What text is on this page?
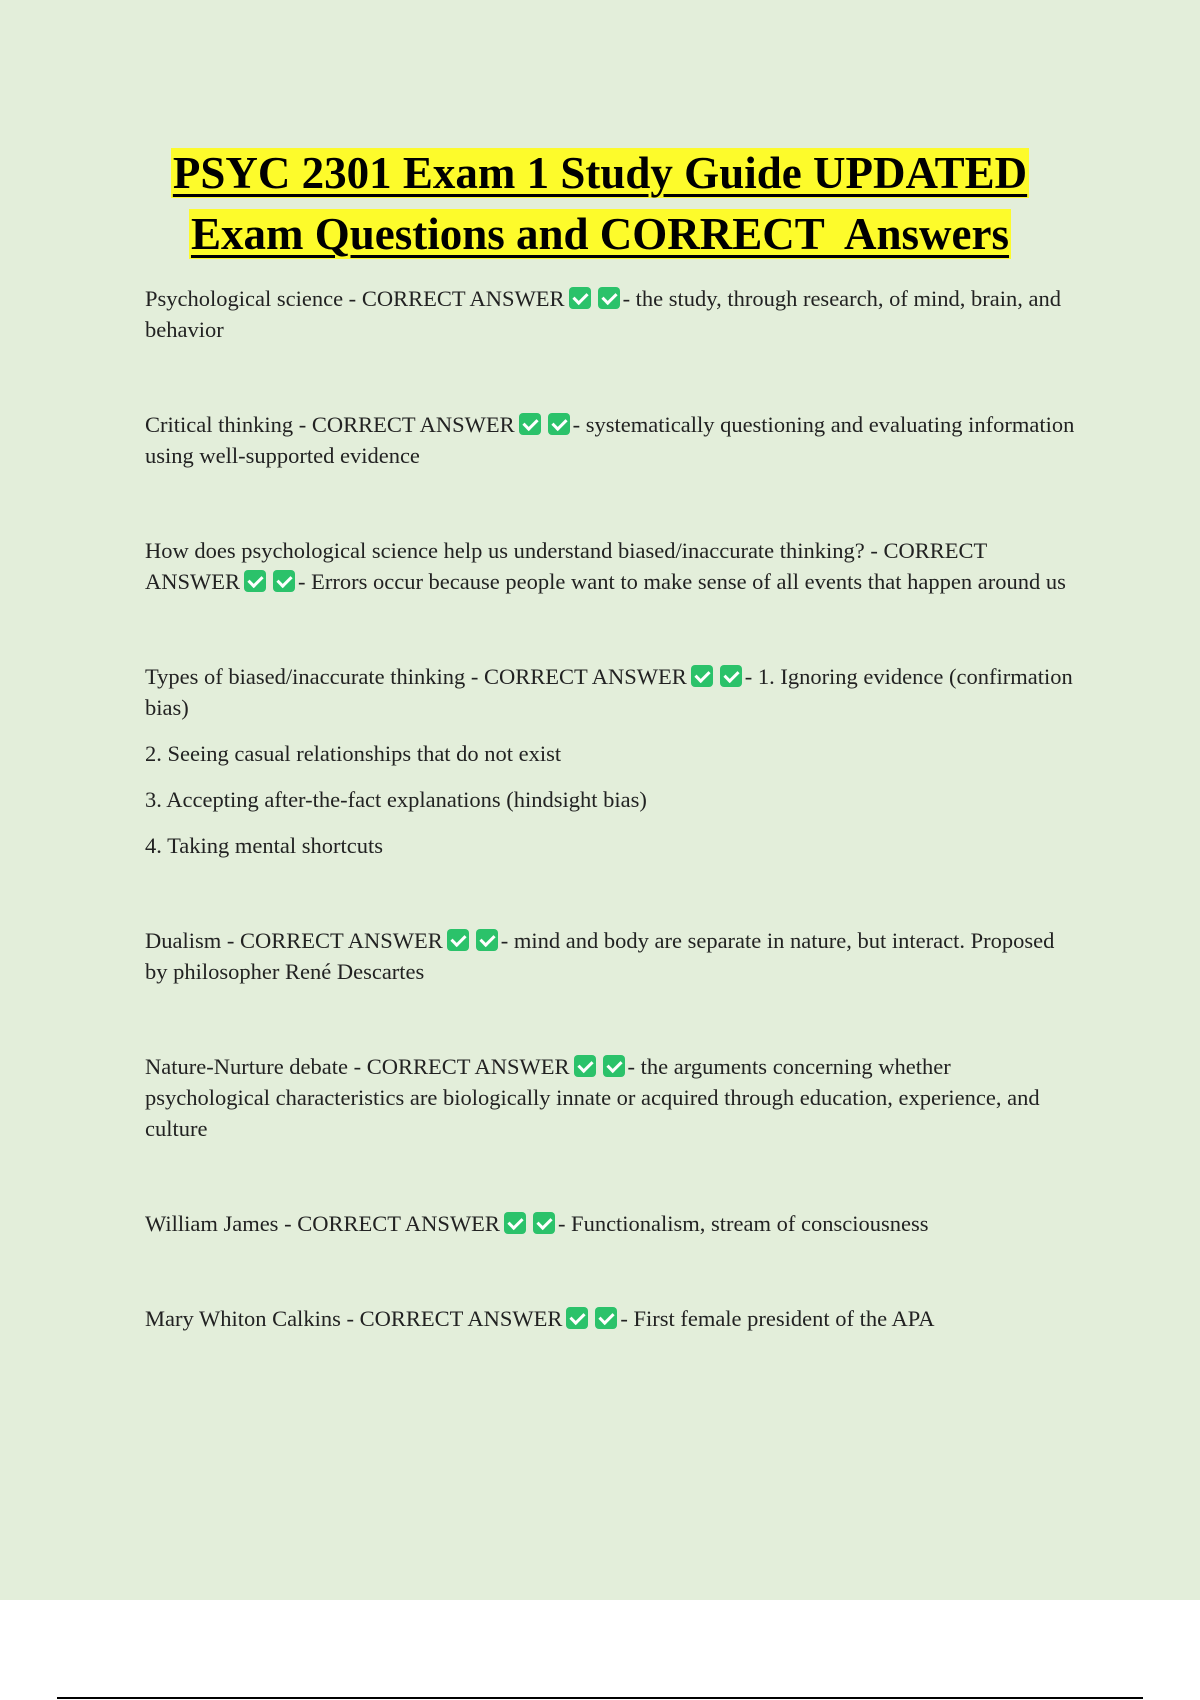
PSYC 2301 Exam 1 Study Guide UPDATED
Exam Questions and CORRECT  Answers

Psychological science - CORRECT ANSWER	- the study, through research, of mind, brain, and behavior

Critical thinking - CORRECT ANSWER	- systematically questioning and evaluating information using well-supported evidence

How does psychological science help us understand biased/inaccurate thinking? - CORRECT ANSWER	- Errors occur because people want to make sense of all events that happen around us

Types of biased/inaccurate thinking - CORRECT ANSWER	- 1. Ignoring evidence (confirmation bias)
2. Seeing casual relationships that do not exist
3. Accepting after-the-fact explanations (hindsight bias)
4. Taking mental shortcuts

Dualism - CORRECT ANSWER	- mind and body are separate in nature, but interact. Proposed by philosopher René Descartes

Nature-Nurture debate - CORRECT ANSWER	- the arguments concerning whether psychological characteristics are biologically innate or acquired through education, experience, and culture

William James - CORRECT ANSWER	- Functionalism, stream of consciousness

Mary Whiton Calkins - CORRECT ANSWER	- First female president of the APA
